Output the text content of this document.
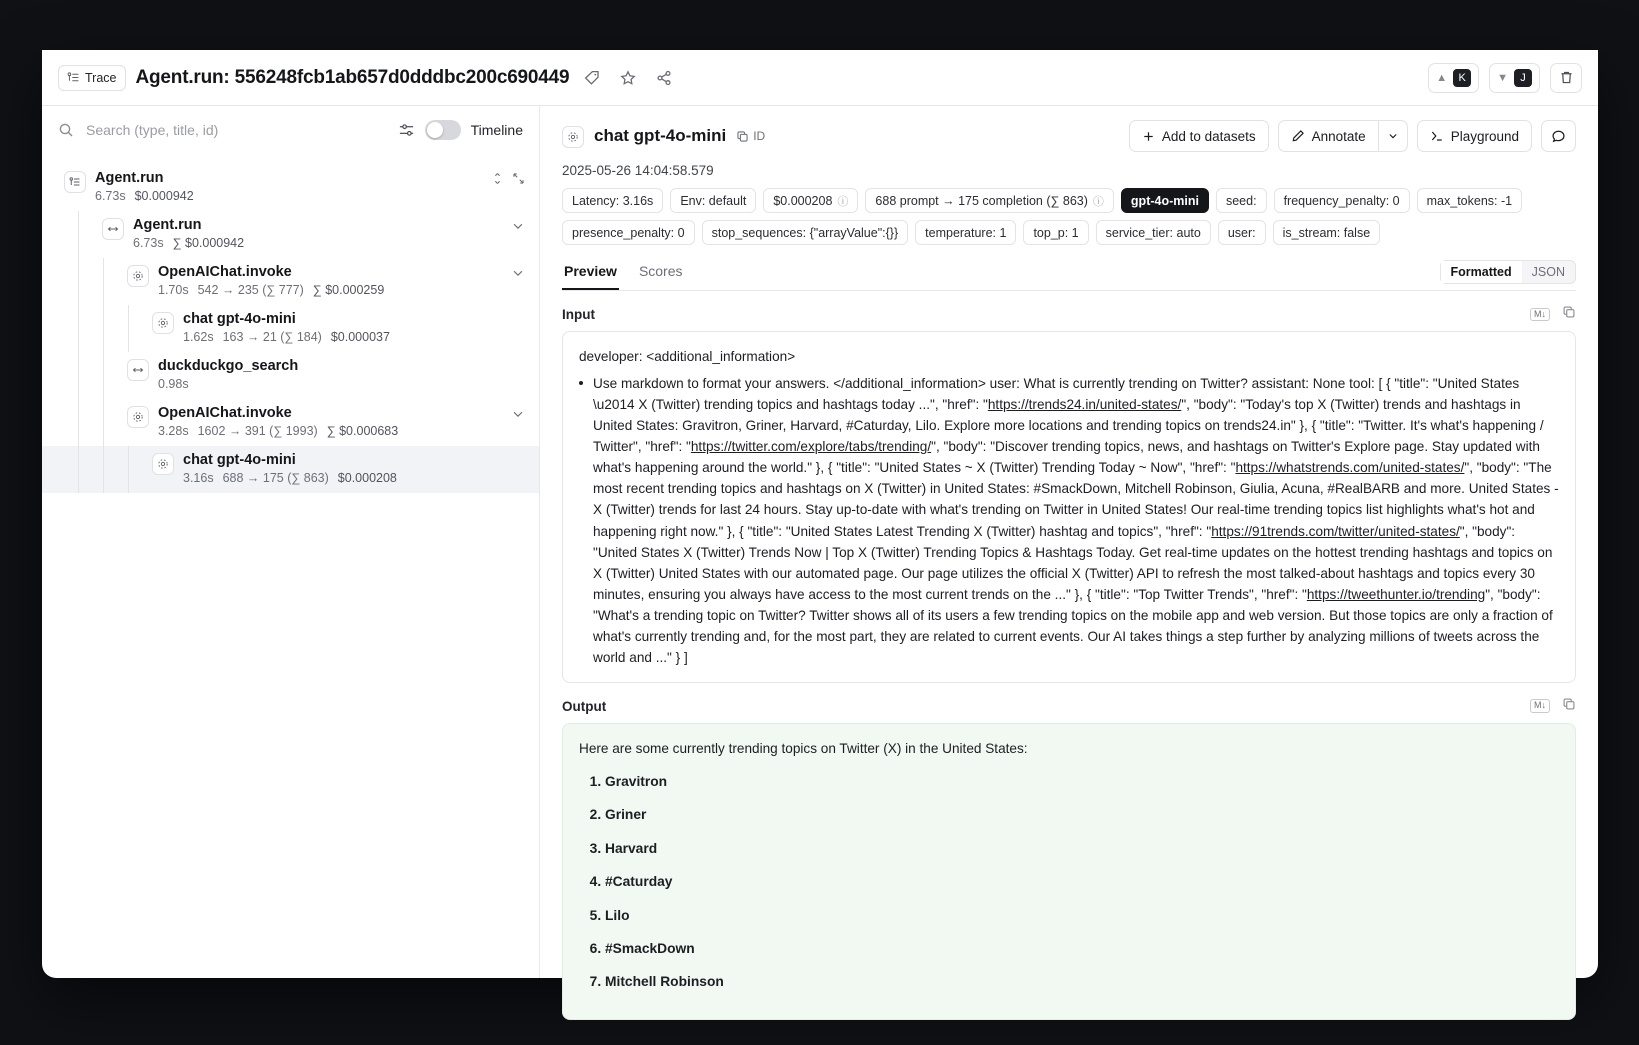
Trace Agent.run: 556248fcb1ab657d0dddbc200c690449	▲	K	▼	J
Search (type, title, id)
Timeline
Agent.run
6.73s $0.000942
Agent.run
6.73s ∑ $0.000942
OpenAIChat.invoke
1.70s 542 → 235 (∑ 777) ∑ $0.000259
chat gpt-4o-mini
1.62s 163 → 21 (∑ 184) $0.000037
duckduckgo_search
0.98s
OpenAIChat.invoke
3.28s 1602 → 391 (∑ 1993) ∑ $0.000683
chat gpt-4o-mini
3.16s 688 → 175 (∑ 863) $0.000208
chat gpt-4o-mini ID	Add to datasets	Annotate	Playground
2025-05-26 14:04:58.579
Latency: 3.16s Env: default $0.000208 ⓘ 688 prompt → 175 completion (∑ 863) ⓘ gpt-4o-mini seed: frequency_penalty: 0 max_tokens: -1
presence_penalty: 0 stop_sequences: {"arrayValue":{}} temperature: 1 top_p: 1 service_tier: auto user: is_stream: false
Preview Scores	Formatted	JSON
Input	M↓
developer: <additional_information>
Use markdown to format your answers. </additional_information> user: What is currently trending on Twitter? assistant: None tool: [ { "title": "United States \u2014 X (Twitter) trending topics and hashtags today ...", "href": "https://trends24.in/united-states/", "body": "Today's top X (Twitter) trends and hashtags in United States: Gravitron, Griner, Harvard, #Caturday, Lilo. Explore more locations and trending topics on trends24.in" }, { "title": "Twitter. It's what's happening / Twitter", "href": "https://twitter.com/explore/tabs/trending/", "body": "Discover trending topics, news, and hashtags on Twitter's Explore page. Stay updated with what's happening around the world." }, { "title": "United States ~ X (Twitter) Trending Today ~ Now", "href": "https://whatstrends.com/united-states/", "body": "The most recent trending topics and hashtags on X (Twitter) in United States: #SmackDown, Mitchell Robinson, Giulia, Acuna, #RealBARB and more. United States - X (Twitter) trends for last 24 hours. Stay up-to-date with what's trending on Twitter in United States! Our real-time trending topics list highlights what's hot and happening right now." }, { "title": "United States Latest Trending X (Twitter) hashtag and topics", "href": "https://91trends.com/twitter/united-states/", "body": "United States X (Twitter) Trends Now | Top X (Twitter) Trending Topics & Hashtags Today. Get real-time updates on the hottest trending hashtags and topics on X (Twitter) United States with our automated page. Our page utilizes the official X (Twitter) API to refresh the most talked-about hashtags and topics every 30 minutes, ensuring you always have access to the most current trends on the ..." }, { "title": "Top Twitter Trends", "href": "https://tweethunter.io/trending", "body": "What's a trending topic on Twitter? Twitter shows all of its users a few trending topics on the mobile app and web version. But those topics are only a fraction of what's currently trending and, for the most part, they are related to current events. Our AI takes things a step further by analyzing millions of tweets across the world and ..." } ]
Output	M↓
Here are some currently trending topics on Twitter (X) in the United States:
1. Gravitron
2. Griner
3. Harvard
4. #Caturday
5. Lilo
6. #SmackDown
7. Mitchell Robinson
